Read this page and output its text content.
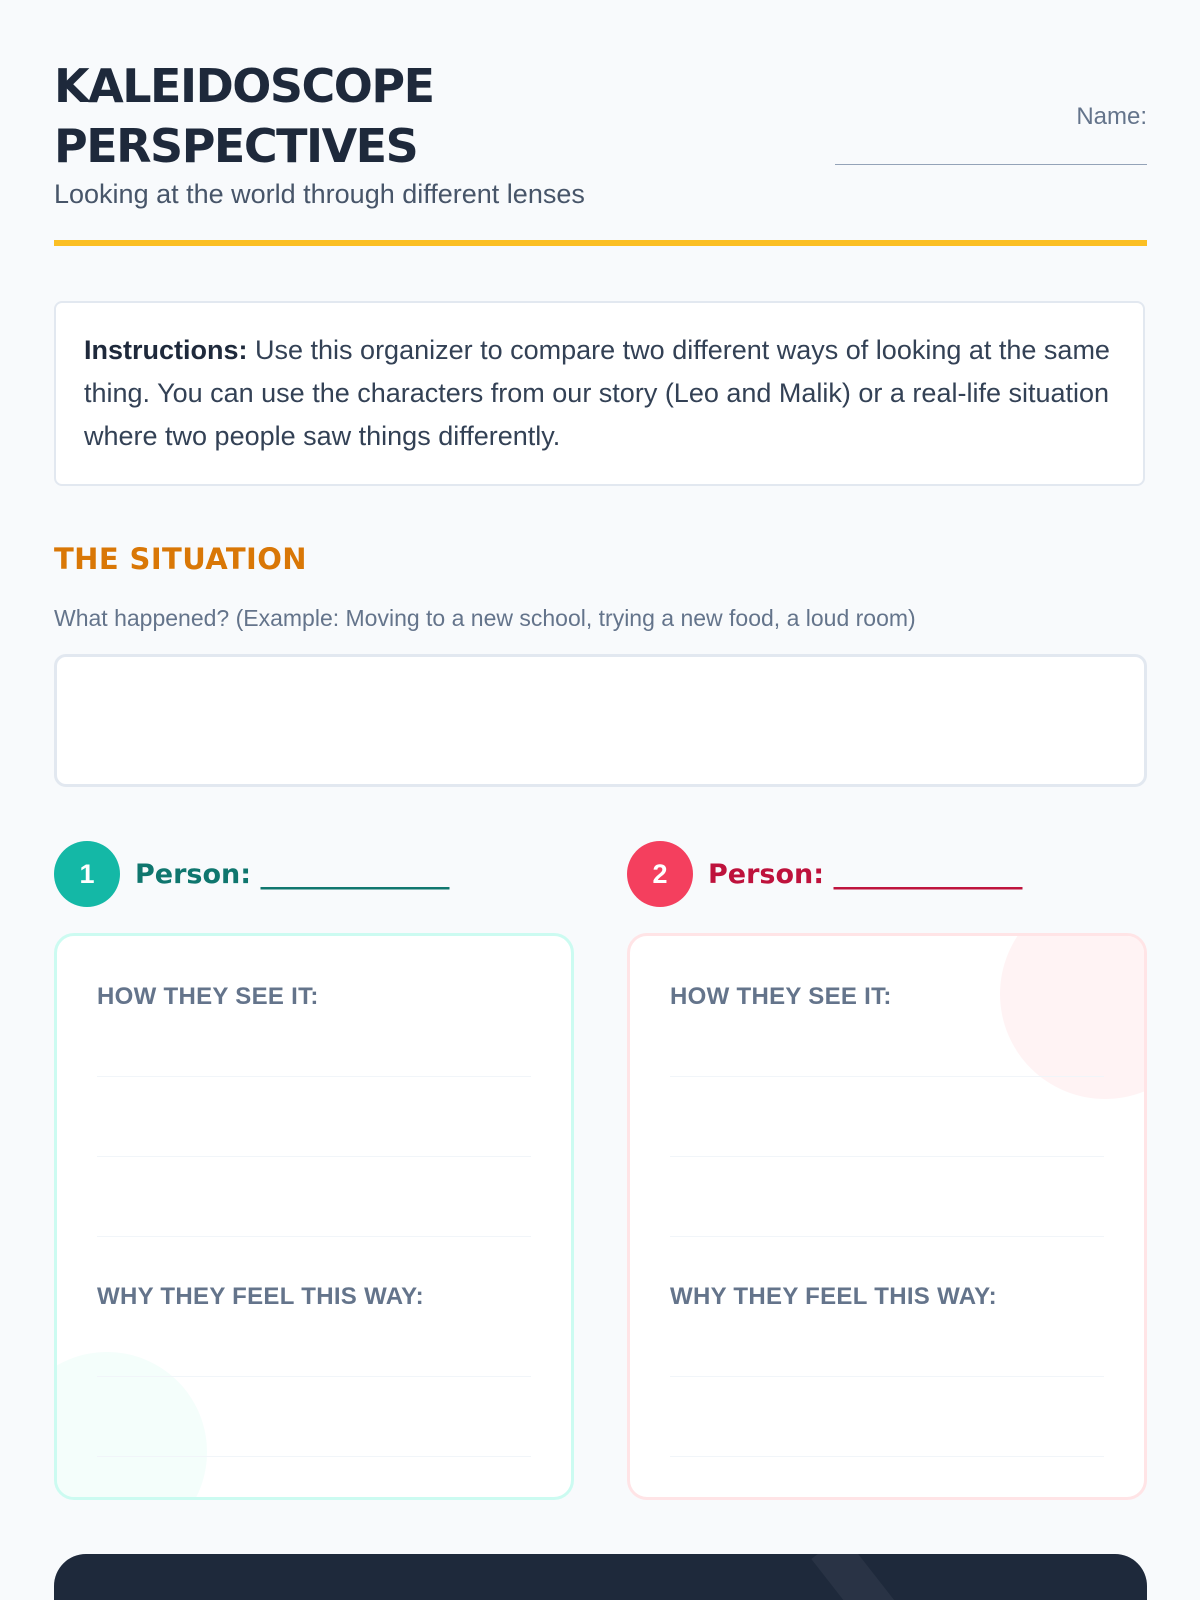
KALEIDOSCOPE
PERSPECTIVES

Looking at the world through different lenses

Name:
Instructions: Use this organizer to compare two different ways of looking at the same thing. You can use the characters from our story (Leo and Malik) or a real-life situation where two people saw things differently.
THE SITUATION

What happened? (Example: Moving to a new school, trying a new food, a loud room)

1	Person: ______________	2	Person: ______________
HOW THEY SEE IT:
WHY THEY FEEL THIS WAY:
HOW THEY SEE IT:
WHY THEY FEEL THIS WAY:
